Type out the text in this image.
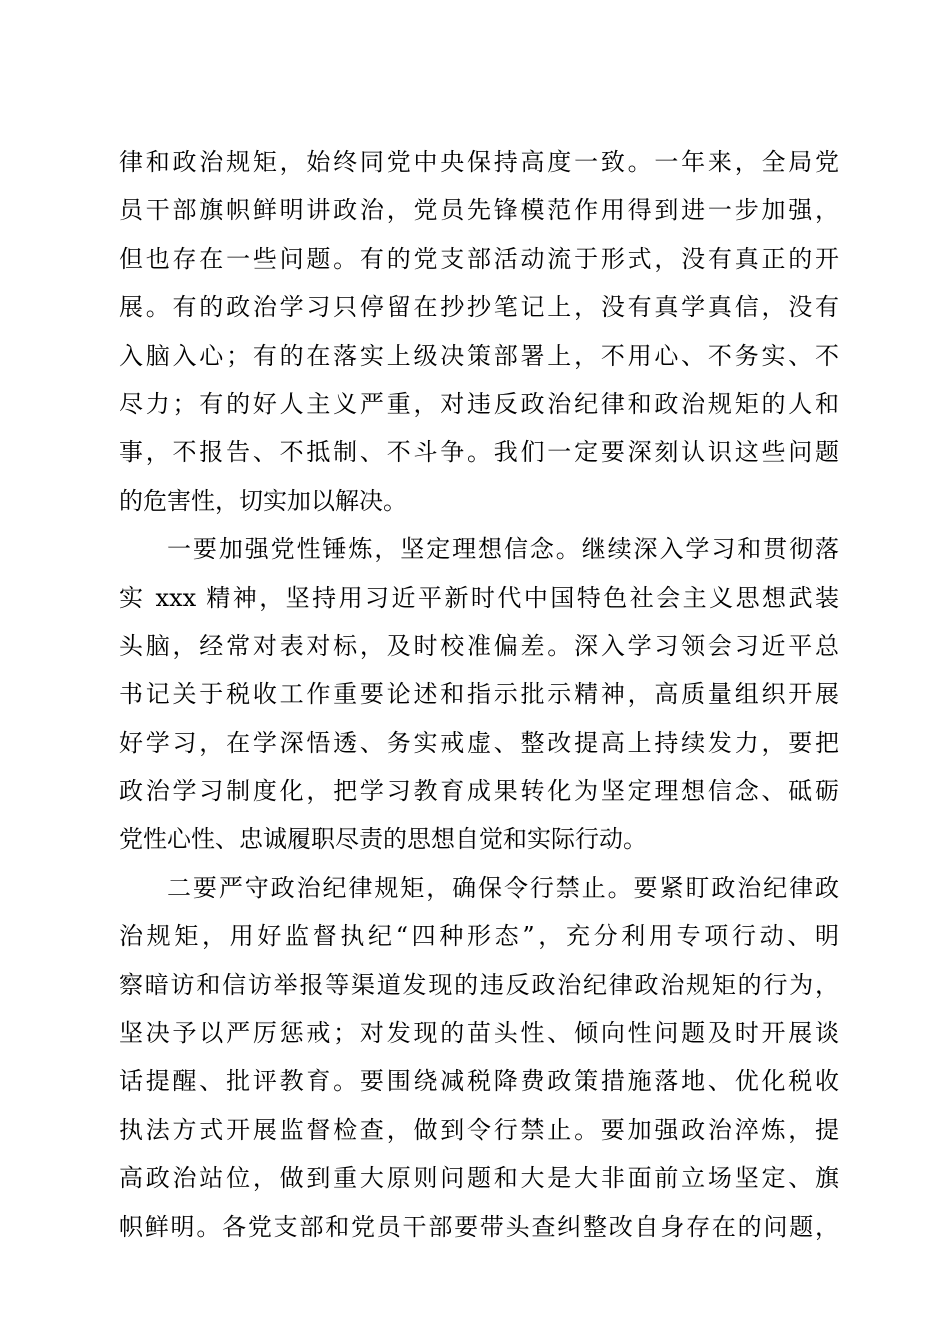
律和政治规矩，始终同党中央保持高度一致。一年来，全局党
员干部旗帜鲜明讲政治，党员先锋模范作用得到进一步加强，
但也存在一些问题。有的党支部活动流于形式，没有真正的开
展。有的政治学习只停留在抄抄笔记上，没有真学真信，没有
入脑入心；有的在落实上级决策部署上，不用心、不务实、不
尽力；有的好人主义严重，对违反政治纪律和政治规矩的人和
事，不报告、不抵制、不斗争。我们一定要深刻认识这些问题
的危害性，切实加以解决。
一要加强党性锤炼，坚定理想信念。继续深入学习和贯彻落
实 xxx 精神，坚持用习近平新时代中国特色社会主义思想武装
头脑，经常对表对标，及时校准偏差。深入学习领会习近平总
书记关于税收工作重要论述和指示批示精神，高质量组织开展
好学习，在学深悟透、务实戒虚、整改提高上持续发力，要把
政治学习制度化，把学习教育成果转化为坚定理想信念、砥砺
党性心性、忠诚履职尽责的思想自觉和实际行动。
二要严守政治纪律规矩，确保令行禁止。要紧盯政治纪律政
治规矩，用好监督执纪“四种形态”，充分利用专项行动、明
察暗访和信访举报等渠道发现的违反政治纪律政治规矩的行为，
坚决予以严厉惩戒；对发现的苗头性、倾向性问题及时开展谈
话提醒、批评教育。要围绕减税降费政策措施落地、优化税收
执法方式开展监督检查，做到令行禁止。要加强政治淬炼，提
高政治站位，做到重大原则问题和大是大非面前立场坚定、旗
帜鲜明。各党支部和党员干部要带头查纠整改自身存在的问题，
